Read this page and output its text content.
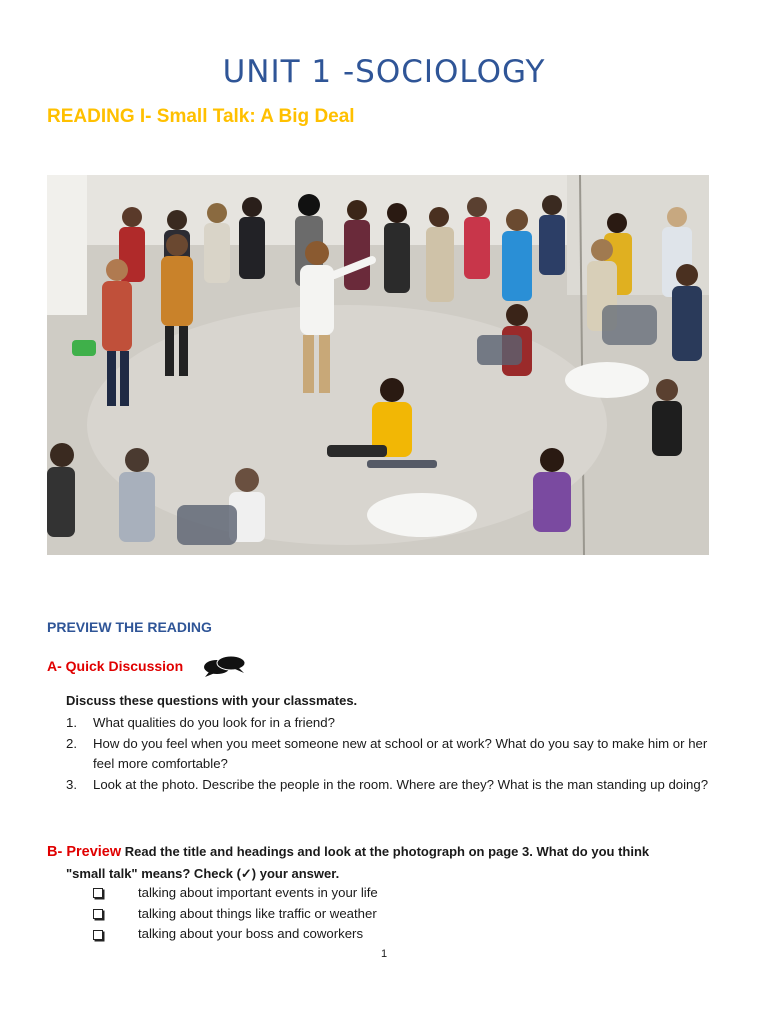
UNIT 1 -SOCIOLOGY
READING I- Small Talk: A Big Deal
PREVIEW THE READING
A- Quick Discussion
Discuss these questions with your classmates.
1.	What qualities do you look for in a friend?
2.	How do you feel when you meet someone new at school or at work? What do you say to make him or her feel more comfortable?
3.	Look at the photo. Describe the people in the room. Where are they? What is the man standing up doing?
B- Preview Read the title and headings and look at the photograph on page 3. What do you think
"small talk" means? Check (✓) your answer.
talking about important events in your life
talking about things like traffic or weather
talking about your boss and coworkers
1
